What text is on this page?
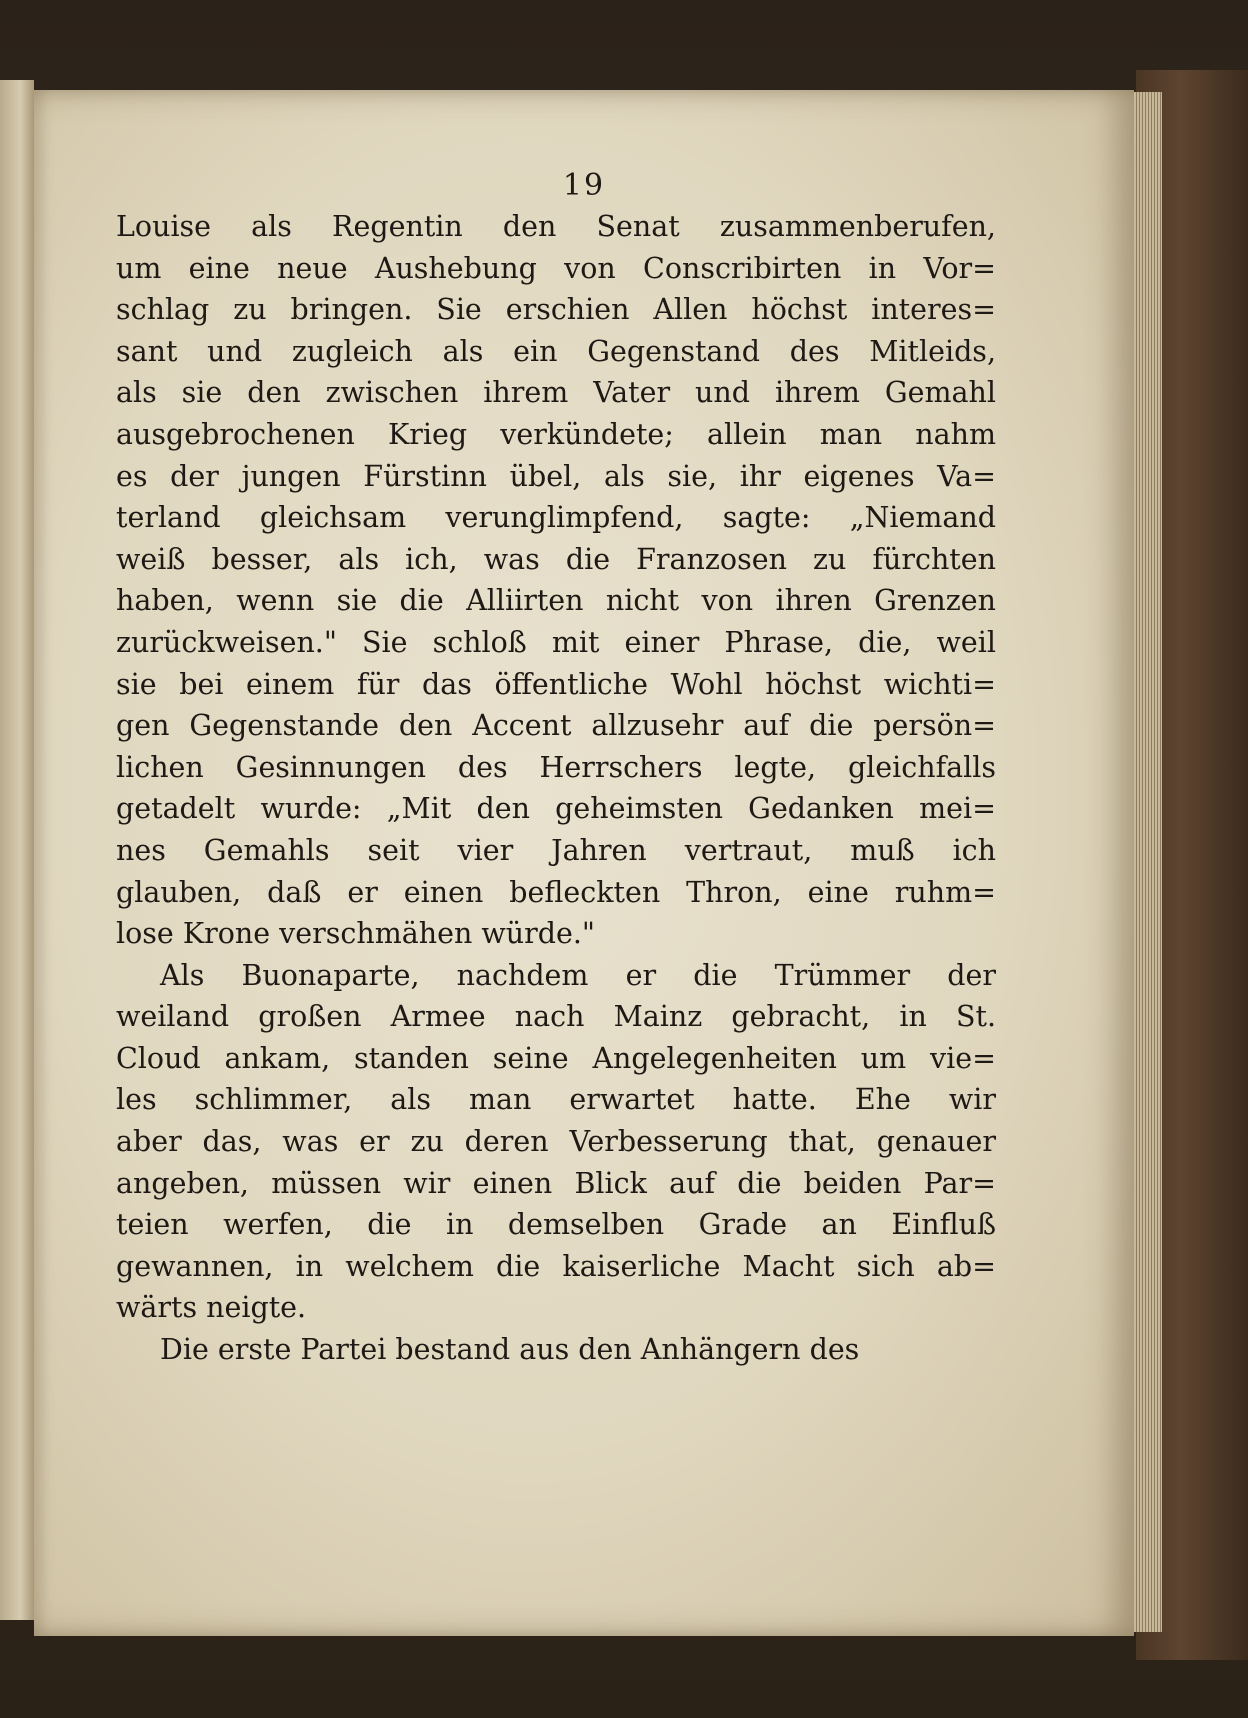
19
Louise als Regentin den Senat zusammenberufen,
um eine neue Aushebung von Conscribirten in Vor=
schlag zu bringen. Sie erschien Allen höchst interes=
sant und zugleich als ein Gegenstand des Mitleids,
als sie den zwischen ihrem Vater und ihrem Gemahl
ausgebrochenen Krieg verkündete; allein man nahm
es der jungen Fürstinn übel, als sie, ihr eigenes Va=
terland gleichsam verunglimpfend, sagte: „Niemand
weiß besser, als ich, was die Franzosen zu fürchten
haben, wenn sie die Alliirten nicht von ihren Grenzen
zurückweisen." Sie schloß mit einer Phrase, die, weil
sie bei einem für das öffentliche Wohl höchst wichti=
gen Gegenstande den Accent allzusehr auf die persön=
lichen Gesinnungen des Herrschers legte, gleichfalls
getadelt wurde: „Mit den geheimsten Gedanken mei=
nes Gemahls seit vier Jahren vertraut, muß ich
glauben, daß er einen befleckten Thron, eine ruhm=
lose Krone verschmähen würde."
Als Buonaparte, nachdem er die Trümmer der
weiland großen Armee nach Mainz gebracht, in St.
Cloud ankam, standen seine Angelegenheiten um vie=
les schlimmer, als man erwartet hatte. Ehe wir
aber das, was er zu deren Verbesserung that, genauer
angeben, müssen wir einen Blick auf die beiden Par=
teien werfen, die in demselben Grade an Einfluß
gewannen, in welchem die kaiserliche Macht sich ab=
wärts neigte.
Die erste Partei bestand aus den Anhängern des
